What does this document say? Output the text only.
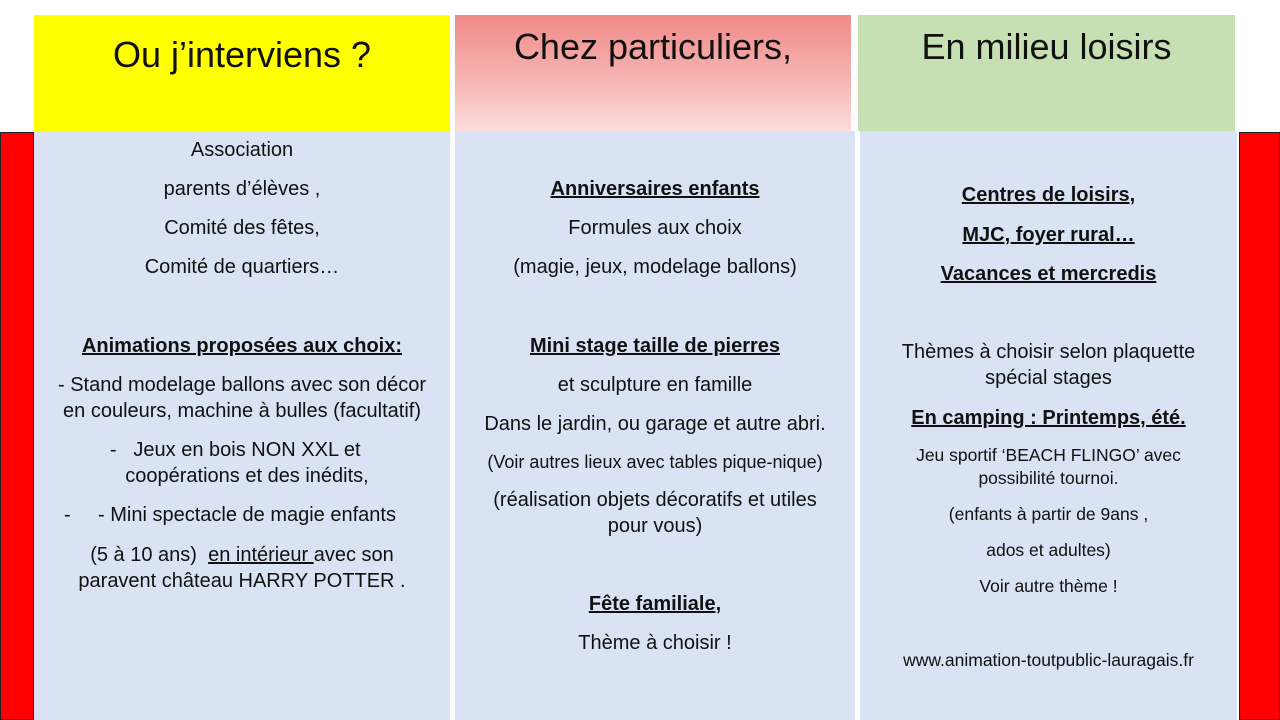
Ou j’interviens ?	Chez particuliers,	En milieu loisirs
Association
parents d’élèves ,
Comité des fêtes,
Comité de quartiers…
Animations proposées aux choix:
- Stand modelage ballons avec son décor
en couleurs, machine à bulles (facultatif)
- Jeux en bois NON XXL et
coopérations et des inédits,
-	- Mini spectacle de magie enfants
(5 à 10 ans) en intérieur avec son
paravent château HARRY POTTER .
Anniversaires enfants
Formules aux choix
(magie, jeux, modelage ballons)
Mini stage taille de pierres
et sculpture en famille
Dans le jardin, ou garage et autre abri.
(Voir autres lieux avec tables pique-nique)
(réalisation objets décoratifs et utiles
pour vous)
Fête familiale,
Thème à choisir !
Centres de loisirs,
MJC, foyer rural…
Vacances et mercredis
Thèmes à choisir selon plaquette
spécial stages
En camping : Printemps, été.
Jeu sportif ‘BEACH FLINGO’ avec
possibilité tournoi.
(enfants à partir de 9ans ,
ados et adultes)
Voir autre thème !
www.animation-toutpublic-lauragais.fr
